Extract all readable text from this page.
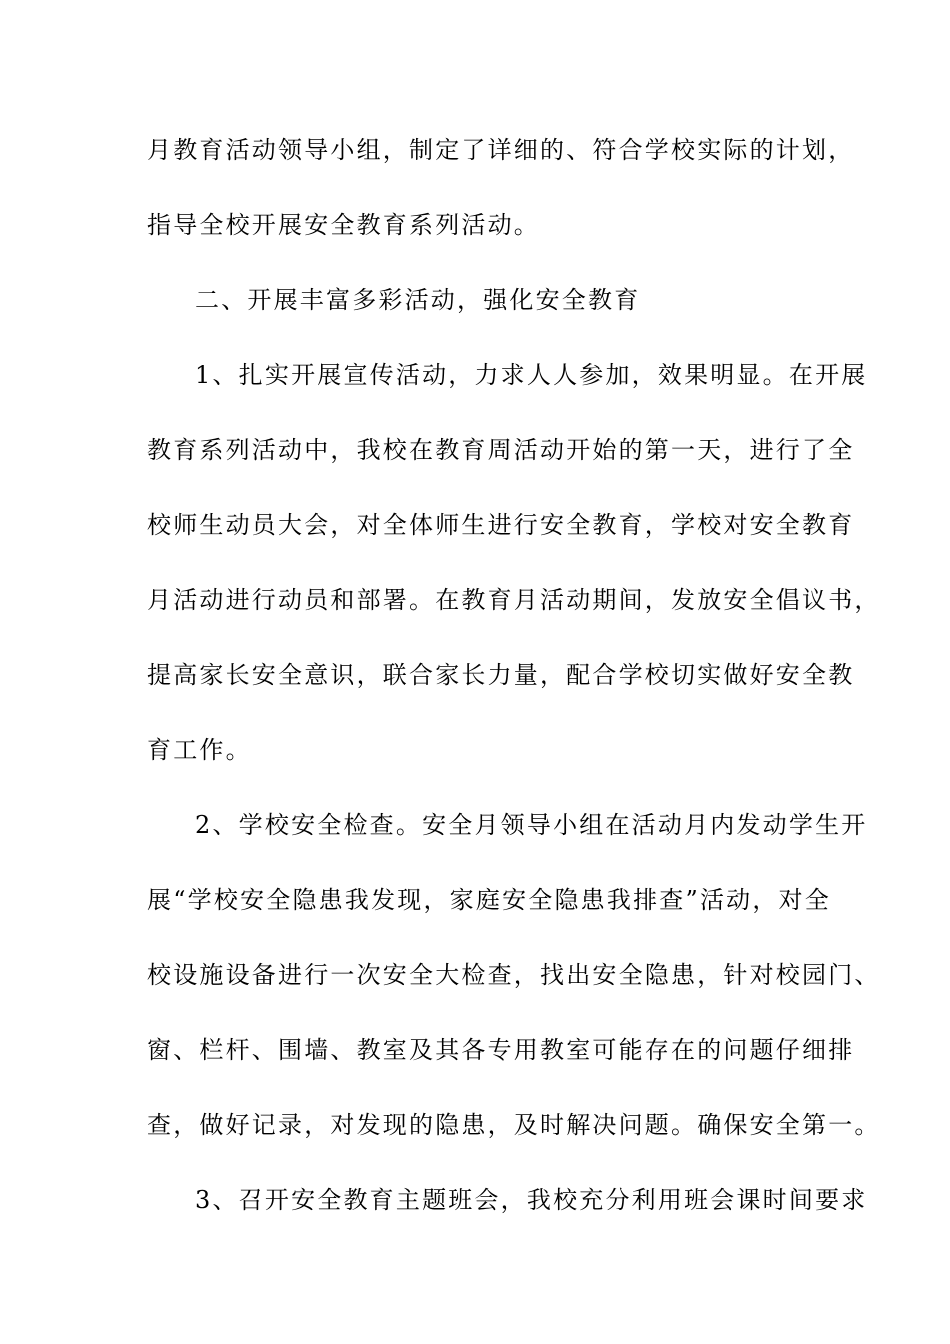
月教育活动领导小组，制定了详细的、符合学校实际的计划，
指导全校开展安全教育系列活动。
二、开展丰富多彩活动，强化安全教育
1、扎实开展宣传活动，力求人人参加，效果明显。在开展
教育系列活动中，我校在教育周活动开始的第一天，进行了全
校师生动员大会，对全体师生进行安全教育，学校对安全教育
月活动进行动员和部署。在教育月活动期间，发放安全倡议书，
提高家长安全意识，联合家长力量，配合学校切实做好安全教
育工作。
2、学校安全检查。安全月领导小组在活动月内发动学生开
展“学校安全隐患我发现，家庭安全隐患我排查”活动，对全
校设施设备进行一次安全大检查，找出安全隐患，针对校园门、
窗、栏杆、围墙、教室及其各专用教室可能存在的问题仔细排
查，做好记录，对发现的隐患，及时解决问题。确保安全第一。
3、召开安全教育主题班会，我校充分利用班会课时间要求
